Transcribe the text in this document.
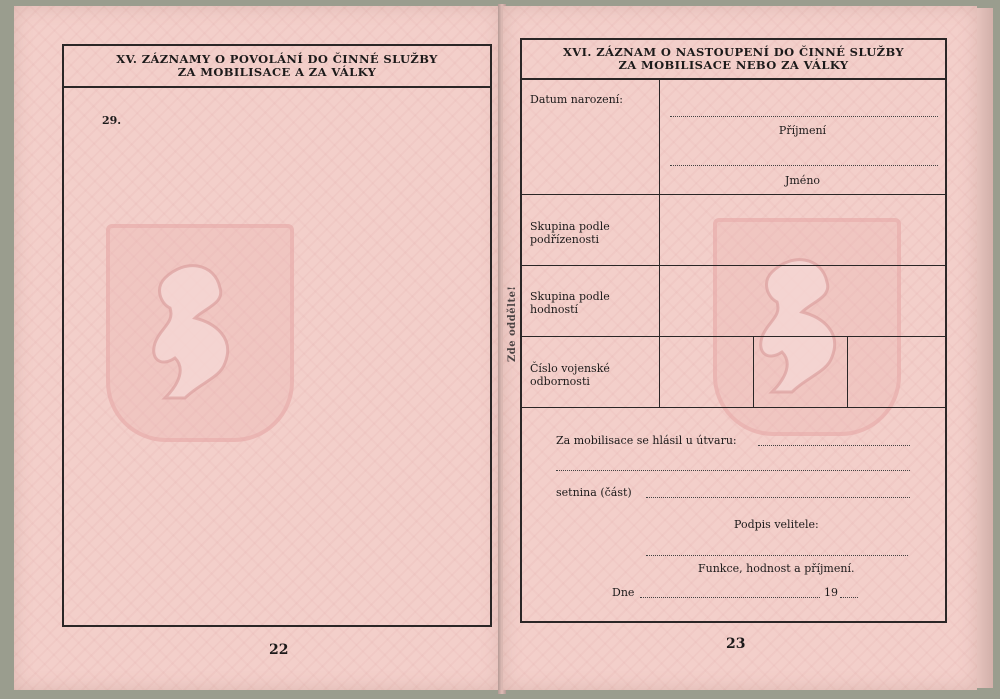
XV. ZÁZNAMY O POVOLÁNÍ DO ČINNÉ SLUŽBY
ZA MOBILISACE A ZA VÁLKY
29.
22
XVI. ZÁZNAM O NASTOUPENÍ DO ČINNÉ SLUŽBY
ZA MOBILISACE NEBO ZA VÁLKY
Datum narození:
Příjmení
Jméno
Skupina podle
podřízenosti
Skupina podle
hodností
Číslo vojenské
odbornosti
Za mobilisace se hlásil u útvaru:
setnina (část)
Podpis velitele:
Funkce, hodnost a příjmení.
Dne	19
23
Zde oddělte!
